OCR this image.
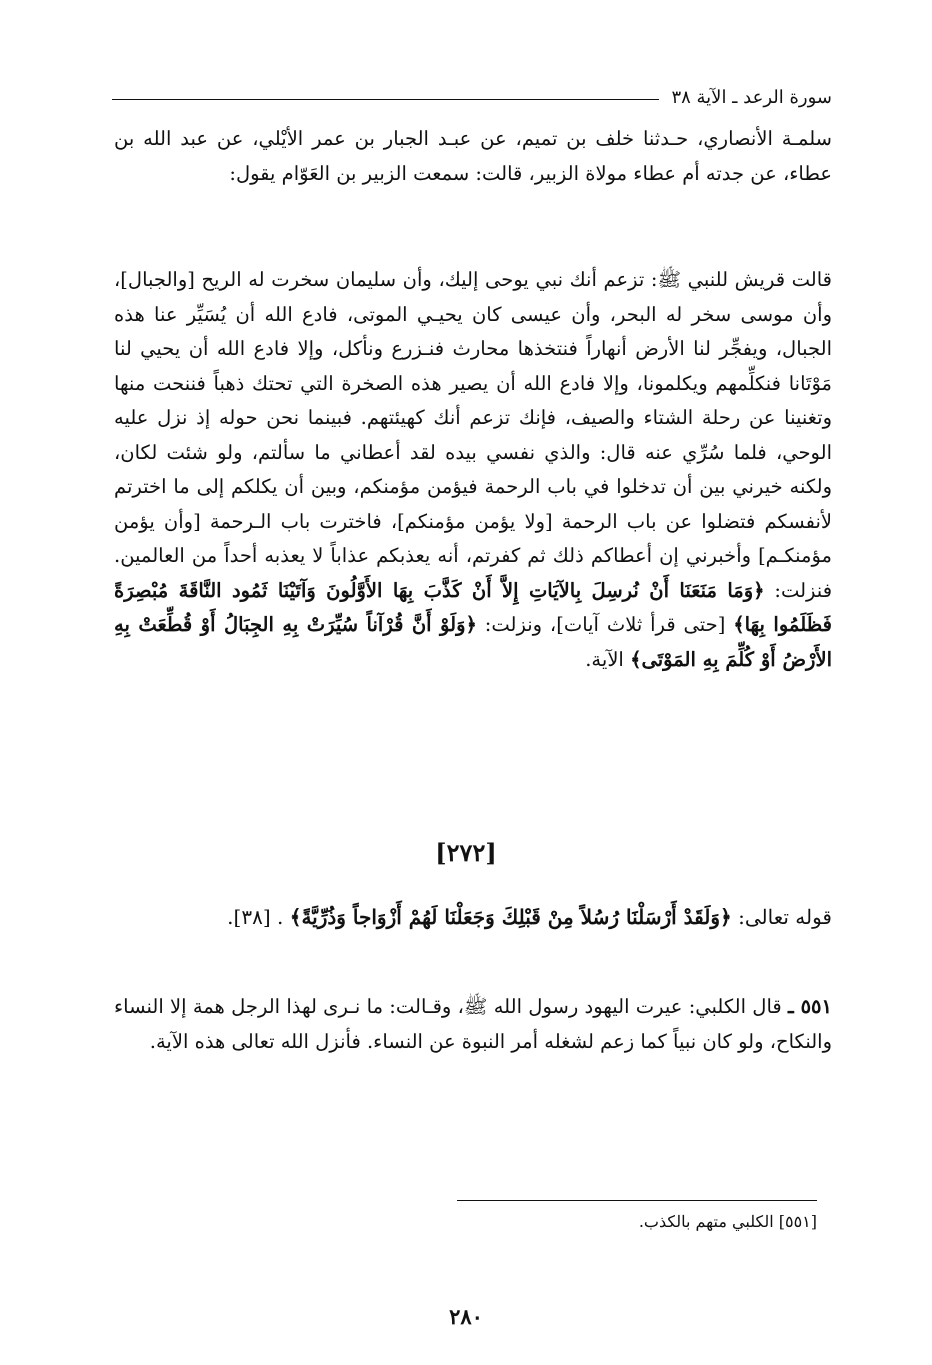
سورة الرعد ـ الآية ٣٨
سلمـة الأنصاري، حـدثنا خلف بن تميم، عن عبـد الجبار بن عمر الأيْلي، عن عبد الله بن عطاء، عن جدته أم عطاء مولاة الزبير، قالت: سمعت الزبير بن العَوّام يقول:
قالت قريش للنبي ﷺ: تزعم أنك نبي يوحى إليك، وأن سليمان سخرت له الريح [والجبال]، وأن موسى سخر له البحر، وأن عيسى كان يحيـي الموتى، فادع الله أن يُسَيِّر عنا هذه الجبال، ويفجِّر لنا الأرض أنهاراً فنتخذها محارث فنـزرع ونأكل، وإلا فادع الله أن يحيي لنا مَوْتَانا فنكلِّمهم ويكلمونا، وإلا فادع الله أن يصير هذه الصخرة التي تحتك ذهباً فننحت منها وتغنينا عن رحلة الشتاء والصيف، فإنك تزعم أنك كهيئتهم. فبينما نحن حوله إذ نزل عليه الوحي، فلما سُرِّي عنه قال: والذي نفسي بيده لقد أعطاني ما سألتم، ولو شئت لكان، ولكنه خيرني بين أن تدخلوا في باب الرحمة فيؤمن مؤمنكم، وبين أن يكلكم إلى ما اخترتم لأنفسكم فتضلوا عن باب الرحمة [ولا يؤمن مؤمنكم]، فاخترت باب الـرحمة [وأن يؤمن مؤمنكـم] وأخبرني إن أعطاكم ذلك ثم كفرتم، أنه يعذبكم عذاباً لا يعذبه أحداً من العالمين. فنزلت: ﴿وَمَا مَنَعَنَا أَنْ نُرسِلَ بِالآيَاتِ إِلاَّ أَنْ كَذَّبَ بِهَا الأَوَّلُونَ وَآتَيْنَا ثَمُود النَّاقَةَ مُبْصِرَةً فَظَلَمُوا بِهَا﴾ [حتى قرأ ثلاث آيات]، ونزلت: ﴿وَلَوْ أَنَّ قُرْآناً سُيِّرَتْ بِهِ الجِبَالُ أَوْ قُطِّعَتْ بِهِ الأَرْضُ أَوْ كُلِّمَ بِهِ المَوْتَى﴾ الآية.
[٢٧٢]
قوله تعالى: ﴿وَلَقَدْ أَرْسَلْنَا رُسُلاً مِنْ قَبْلِكَ وَجَعَلْنَا لَهُمْ أَزْوَاجاً وَذُرِّيَّةً﴾ . [٣٨].
٥٥١ ـ قال الكلبي: عيرت اليهود رسول الله ﷺ، وقـالت: ما نـرى لهذا الرجل همة إلا النساء والنكاح، ولو كان نبياً كما زعم لشغله أمر النبوة عن النساء. فأنزل الله تعالى هذه الآية.
[٥٥١] الكلبي متهم بالكذب.
٢٨٠
